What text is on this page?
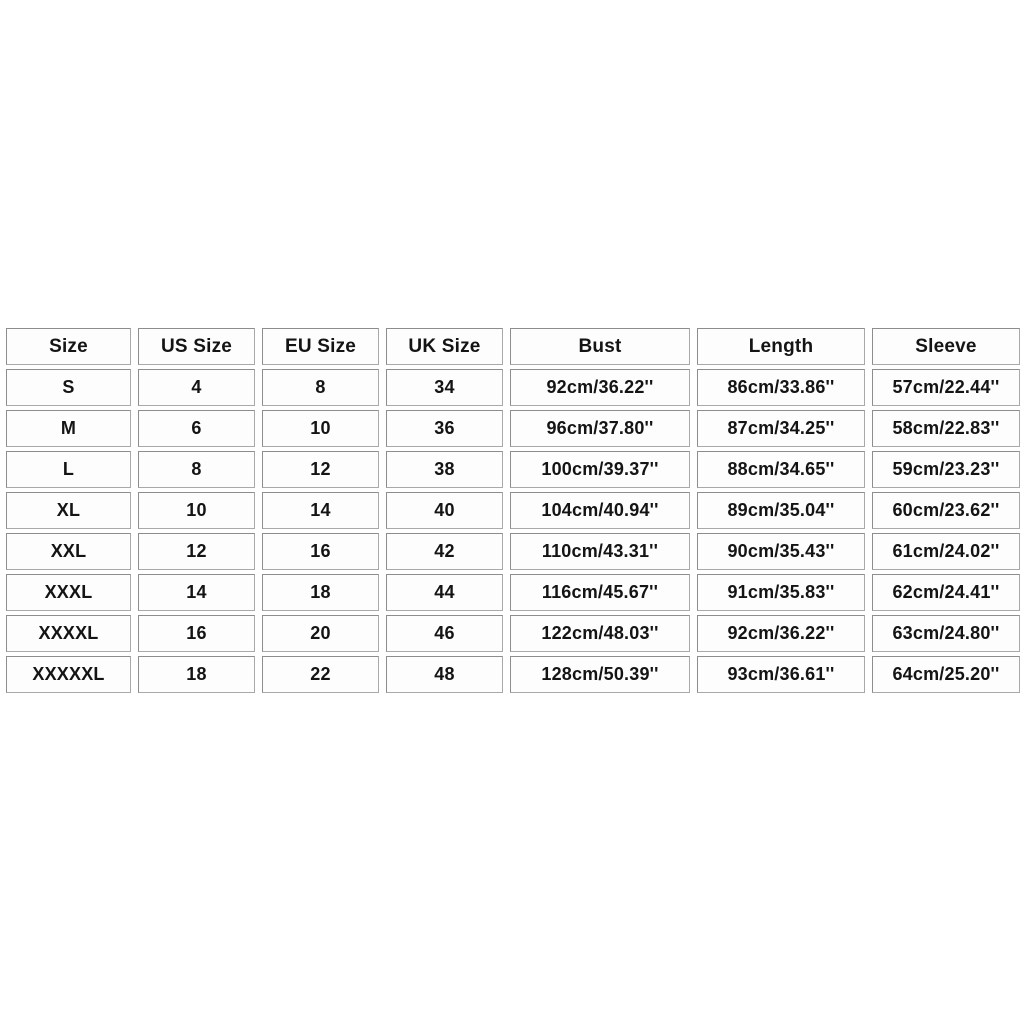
Size	US Size	EU Size	UK Size	Bust	Length	Sleeve
S	4	8	34	92cm/36.22''	86cm/33.86''	57cm/22.44''
M	6	10	36	96cm/37.80''	87cm/34.25''	58cm/22.83''
L	8	12	38	100cm/39.37''	88cm/34.65''	59cm/23.23''
XL	10	14	40	104cm/40.94''	89cm/35.04''	60cm/23.62''
XXL	12	16	42	110cm/43.31''	90cm/35.43''	61cm/24.02''
XXXL	14	18	44	116cm/45.67''	91cm/35.83''	62cm/24.41''
XXXXL	16	20	46	122cm/48.03''	92cm/36.22''	63cm/24.80''
XXXXXL	18	22	48	128cm/50.39''	93cm/36.61''	64cm/25.20''
